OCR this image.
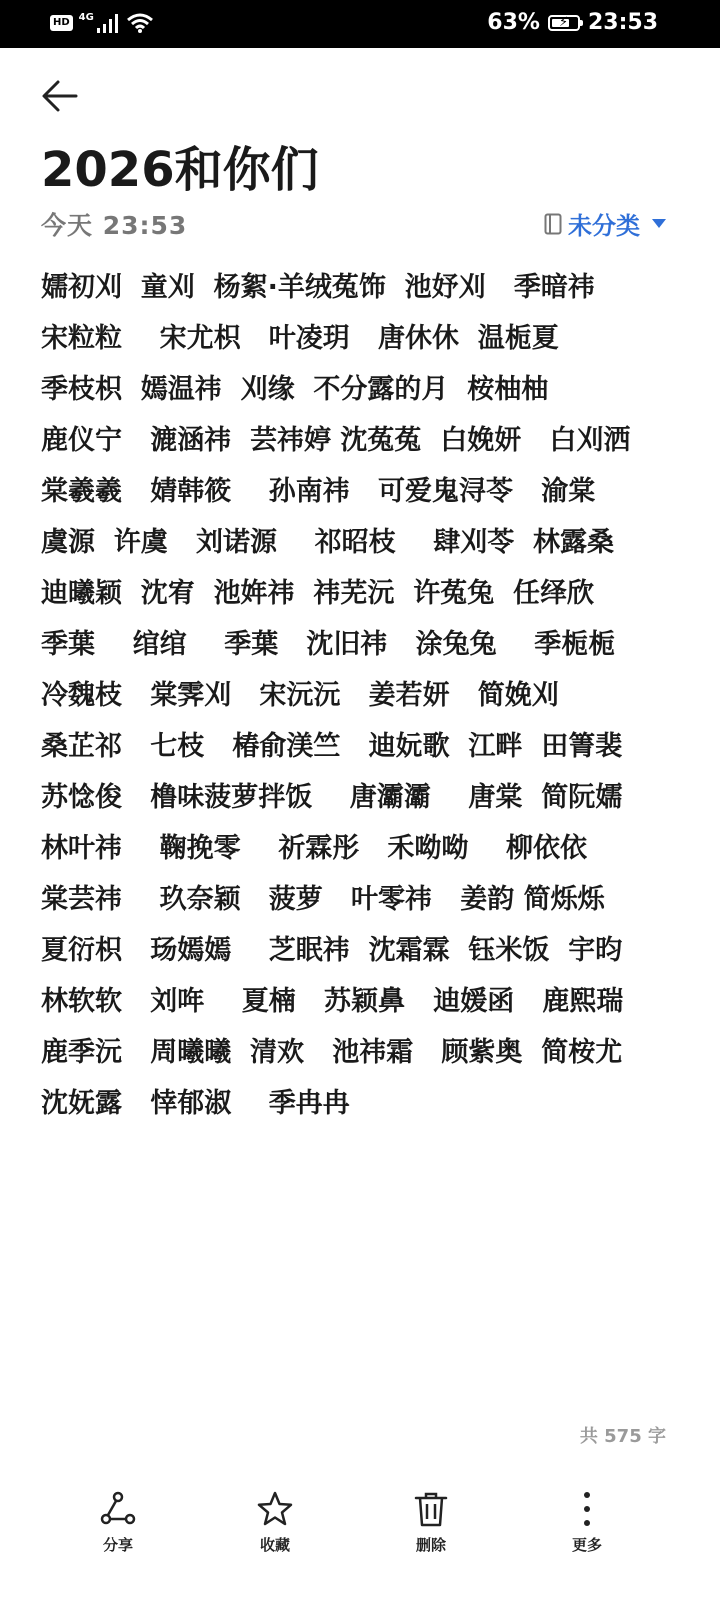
HD 4G	63% ⚡ 23:53
2026和你们
今天 23:53	未分类
嬬初刈  童刈  杨絮·羊绒菟饰  池妤刈   季暗祎
宋粒粒    宋尤枳   叶凌玥   唐休休  温栀夏
季枝枳  嫣温祎  刈缘  不分露的月  桉柚柚
鹿仪宁   漉涵祎  芸祎婷 沈菟菟  白娩妍   白刈洒
棠羲羲   婧韩筱    孙南祎   可爱鬼浔苓   渝棠
虞源  许虞   刘诺源    祁昭枝    肆刈苓  林露桑
迪曦颖  沈宥  池姩祎  祎芜沅  许菟兔  任绎欣
季葉    绾绾    季葉   沈旧祎   涂兔兔    季栀栀
冷魏枝   棠霁刈   宋沅沅   姜若妍   简娩刈
桑芷祁   七枝   椿俞渼竺   迪妧歌  江畔  田箐裴
苏惗俊   橹味菠萝拌饭    唐灞灞    唐棠  简阮嬬
林叶祎    鞠挽零    祈霖彤   禾呦呦    柳依依
棠芸祎    玖奈颖   菠萝   叶零祎   姜韵 简烁烁
夏衍枳   玚嫣嫣    芝眠祎  沈霜霖  钰米饭  宇昀
林软软   刘哖    夏楠   苏颖鼻   迪媛函   鹿熙瑞
鹿季沅   周曦曦  清欢   池祎霜   顾紫奥  简桉尤
沈妩露   悻郁淑    季冉冉
共 575 字
分享	收藏	删除	更多
